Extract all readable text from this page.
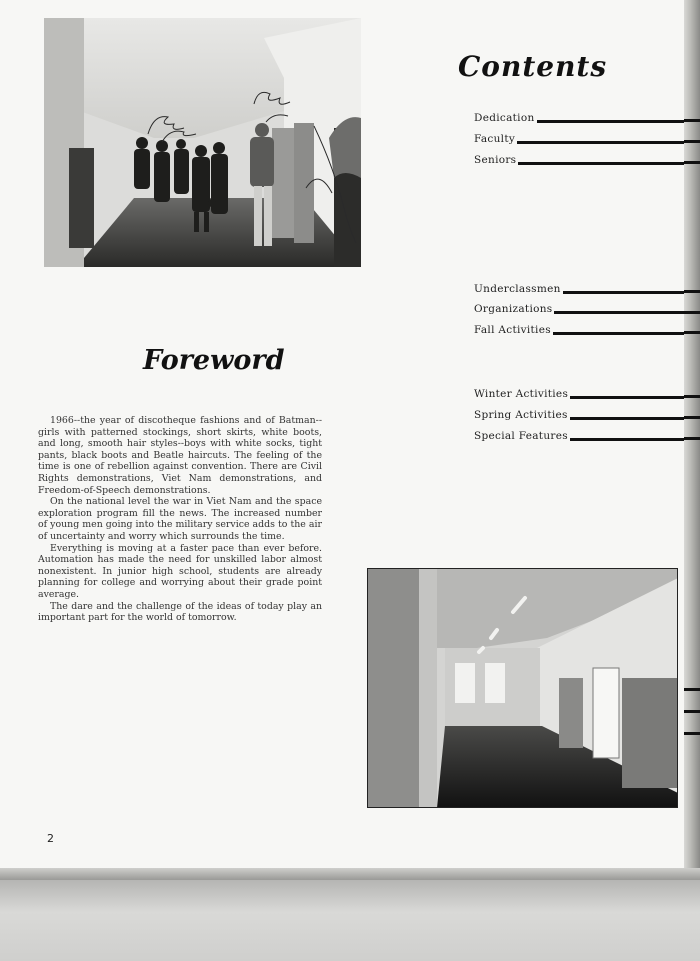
Contents
Dedication
Faculty
Seniors
Underclassmen
Organizations
Fall Activities
Winter Activities
Spring Activities
Special Features
Foreword

1966--the year of discotheque fashions and of Batman--girls with patterned stockings, short skirts, white boots, and long, smooth hair styles--boys with white socks, tight pants, black boots and Beatle haircuts. The feeling of the time is one of rebellion against convention. There are Civil Rights demonstrations, Viet Nam demonstrations, and Freedom-of-Speech demonstrations.

On the national level the war in Viet Nam and the space exploration program fill the news. The increased number of young men going into the military service adds to the air of uncertainty and worry which surrounds the time.

Everything is moving at a faster pace than ever before. Automation has made the need for unskilled labor almost nonexistent. In junior high school, students are already planning for college and worrying about their grade point average.

The dare and the challenge of the ideas of today play an important part for the world of tomorrow.

2
